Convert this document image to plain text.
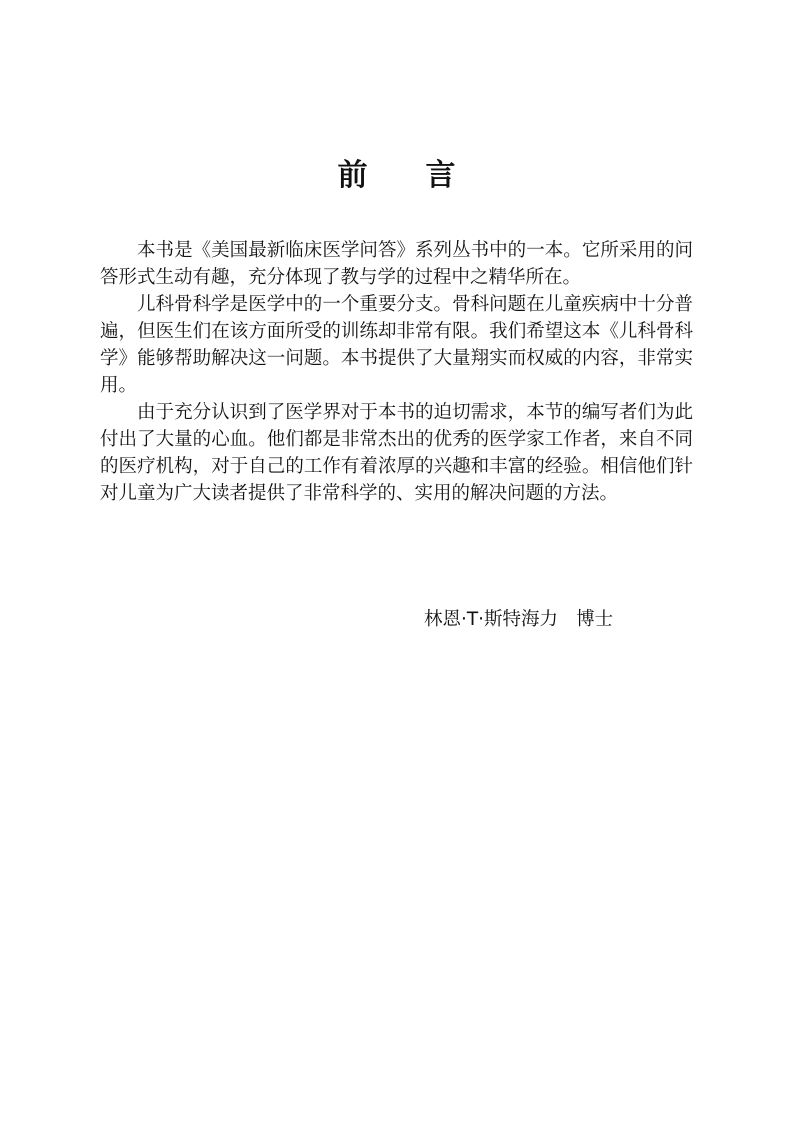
前 言

本书是《美国最新临床医学问答》系列丛书中的一本。它所采用的问答形式生动有趣，充分体现了教与学的过程中之精华所在。

儿科骨科学是医学中的一个重要分支。骨科问题在儿童疾病中十分普遍，但医生们在该方面所受的训练却非常有限。我们希望这本《儿科骨科学》能够帮助解决这一问题。本书提供了大量翔实而权威的内容，非常实用。

由于充分认识到了医学界对于本书的迫切需求，本节的编写者们为此付出了大量的心血。他们都是非常杰出的优秀的医学家工作者，来自不同的医疗机构，对于自己的工作有着浓厚的兴趣和丰富的经验。相信他们针对儿童为广大读者提供了非常科学的、实用的解决问题的方法。

林恩·T·斯特海力 博士
